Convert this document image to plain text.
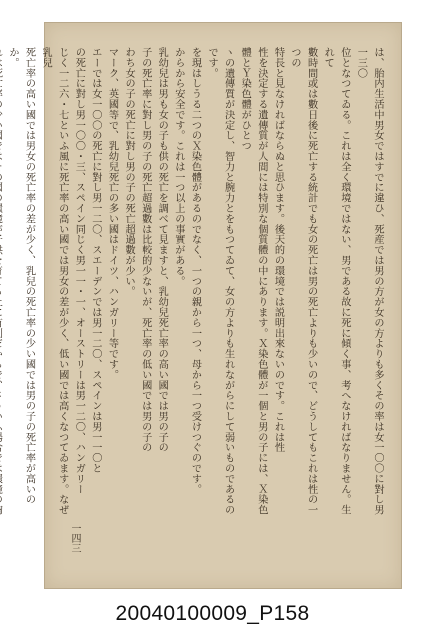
は、胎内生活中男女ではすでに違ひ、死産では男の方が女の方よりも多くその率は女一〇〇に對し男一三〇
位となつてゐる。これは全く環境ではない、男である故に死に傾く事、考へなければなりません。生れて
數時間或は數日後に死亡する統計でも女の死亡は男の死亡よりも少いので、どうしてもこれは性の一つの
特長と見なければならぬと思ひます。後天的の環境では説明出來ないのです。これは性
性を決定する遺傳質が人間には特別な個質體の中にあります。Ｘ染色體が一個と男の子には、Ｘ染色體とＹ染色體がひとつ
ヽの遺傳質が決定し、智力と腕力とをもつてゐて、女の方よりも生れながらにして弱いものであるのです。
を現はしうる二つのＸ染色體があるのでなく、一つの親から一つ、母から一つ受けつぐのです。
からから安全です。これは一つ以上の事實がある。
乳幼兒は男も女の子も供の死亡を調べて見ますと、乳幼兒死亡率の高い國では男の子の
子の死亡率に對し男の子の死亡超過數は比較的少ないが、死亡率の低い國では男の子の
わち女の子の死亡に對し男の子の死亡超過數が少い。
マーク、英國等で、乳幼兒死亡の多い國はドイツ、ハンガリー等です。
エーでは女一〇〇の死亡に對し男一二〇、スエーデンでは男一二〇、スペインは男一一〇と
の死亡に對し男一〇〇・三、スペイン同じく男一一・一、オーストリーは男一二〇、ハンガリー
じく一二六・七といふ風に死亡率の高い國では男女の差が少く、低い國では高くなつてゐます。なぜ乳兒
死亡率の高い國では男女の死亡率の差が少く、乳兒の死亡率の少い國では男の子の死亡率が高いのか。
一四三
20040100009_P158
